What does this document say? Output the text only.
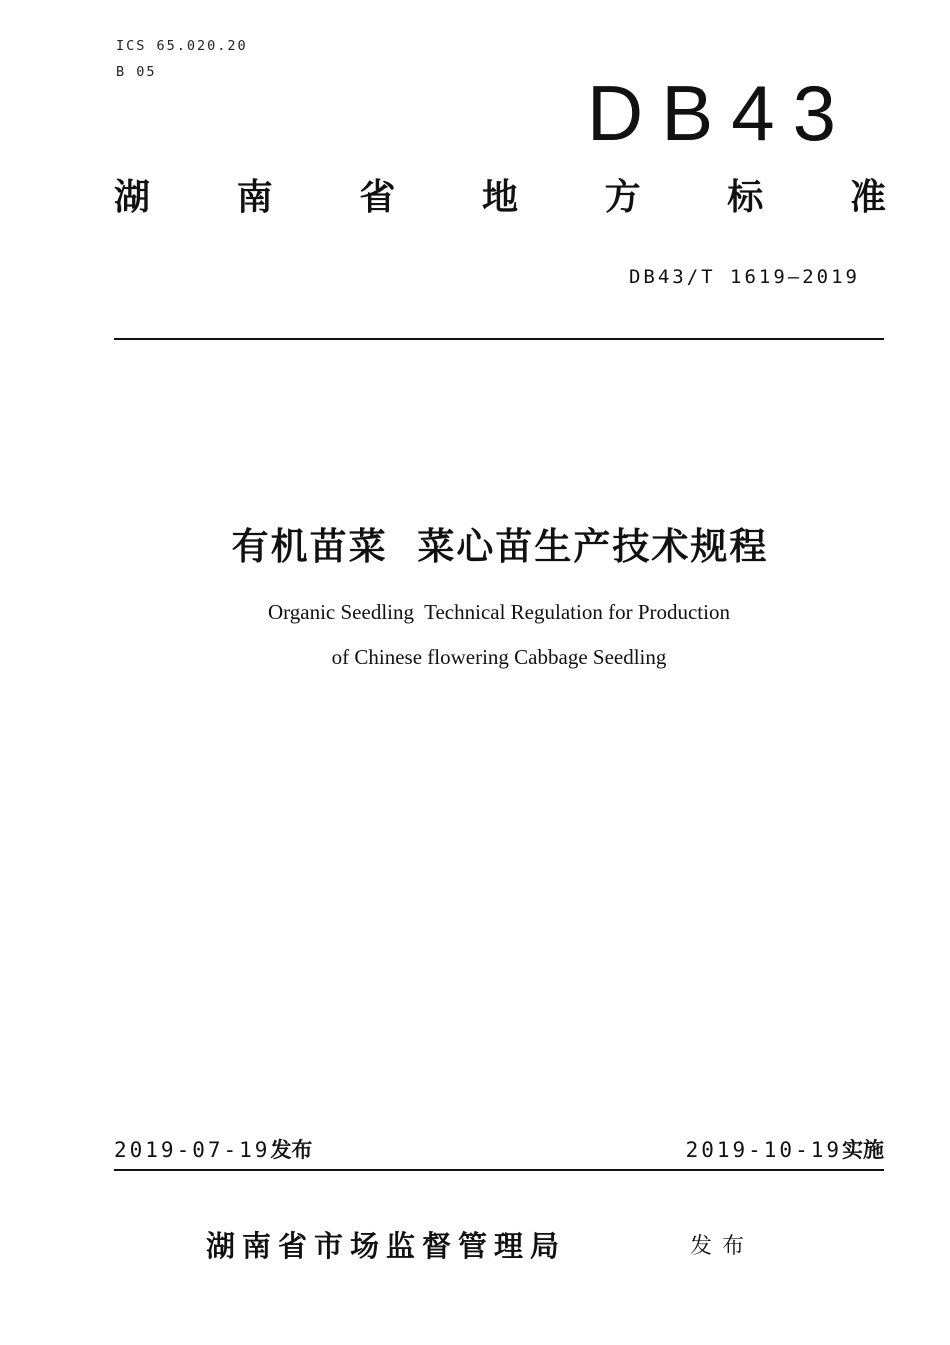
ICS 65.020.20
B 05	DB43
湖 南 省 地 方 标 准
DB43/T 1619—2019
有机苗菜  菜心苗生产技术规程
Organic Seedling  Technical Regulation for Production
of Chinese flowering Cabbage Seedling
2019-07-19发布	2019-10-19实施
湖南省市场监督管理局	发布
